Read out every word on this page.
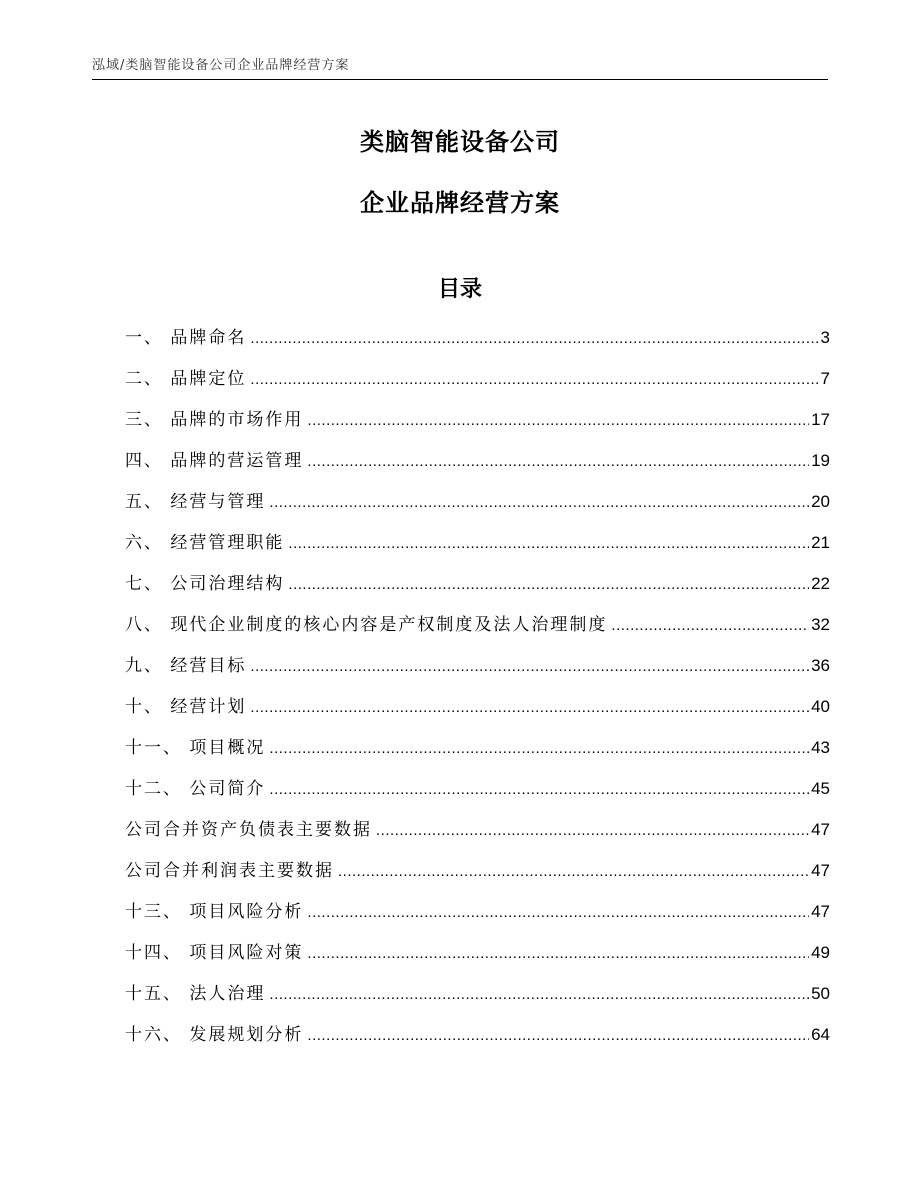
泓域/类脑智能设备公司企业品牌经营方案
类脑智能设备公司
企业品牌经营方案
目录
一、 品牌命名 .....	3
二、 品牌定位 .....	7
三、 品牌的市场作用 .....	17
四、 品牌的营运管理 .....	19
五、 经营与管理 .....	20
六、 经营管理职能 .....	21
七、 公司治理结构 .....	22
八、 现代企业制度的核心内容是产权制度及法人治理制度 .....	32
九、 经营目标 .....	36
十、 经营计划 .....	40
十一、 项目概况 .....	43
十二、 公司简介 .....	45
公司合并资产负债表主要数据 .....	47
公司合并利润表主要数据 .....	47
十三、 项目风险分析 .....	47
十四、 项目风险对策 .....	49
十五、 法人治理 .....	50
十六、 发展规划分析 .....	64
